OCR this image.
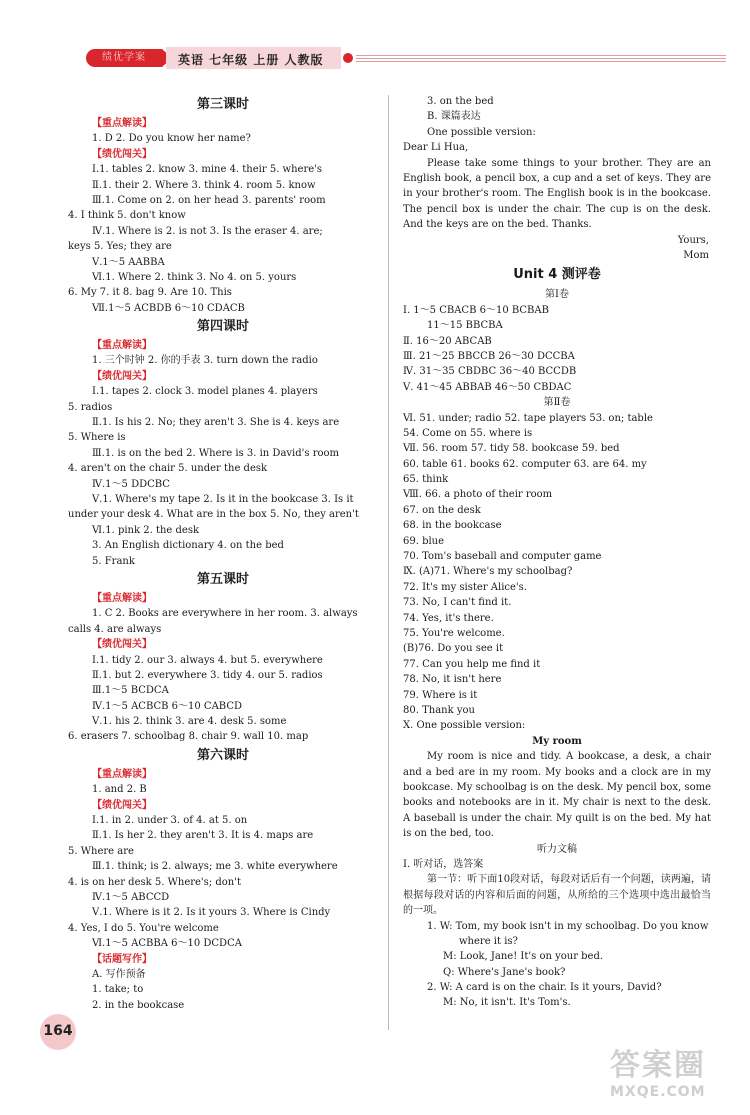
绩优学案	英语 七年级 上册 人教版
第三课时
【重点解读】
1. D 2. Do you know her name?
【绩优闯关】
Ⅰ.1. tables 2. know 3. mine 4. their 5. where's
Ⅱ.1. their 2. Where 3. think 4. room 5. know
Ⅲ.1. Come on 2. on her head 3. parents' room
4. I think 5. don't know
Ⅳ.1. Where is 2. is not 3. Is the eraser 4. are;
keys 5. Yes; they are
Ⅴ.1～5 AABBA
Ⅵ.1. Where 2. think 3. No 4. on 5. yours
6. My 7. it 8. bag 9. Are 10. This
Ⅶ.1～5 ACBDB 6～10 CDACB
第四课时
【重点解读】
1. 三个时钟 2. 你的手表 3. turn down the radio
【绩优闯关】
Ⅰ.1. tapes 2. clock 3. model planes 4. players
5. radios
Ⅱ.1. Is his 2. No; they aren't 3. She is 4. keys are
5. Where is
Ⅲ.1. is on the bed 2. Where is 3. in David's room
4. aren't on the chair 5. under the desk
Ⅳ.1～5 DDCBC
Ⅴ.1. Where's my tape 2. Is it in the bookcase 3. Is it
under your desk 4. What are in the box 5. No, they aren't
Ⅵ.1. pink 2. the desk
3. An English dictionary 4. on the bed
5. Frank
第五课时
【重点解读】
1. C 2. Books are everywhere in her room. 3. always
calls 4. are always
【绩优闯关】
Ⅰ.1. tidy 2. our 3. always 4. but 5. everywhere
Ⅱ.1. but 2. everywhere 3. tidy 4. our 5. radios
Ⅲ.1～5 BCDCA
Ⅳ.1～5 ACBCB 6～10 CABCD
Ⅴ.1. his 2. think 3. are 4. desk 5. some
6. erasers 7. schoolbag 8. chair 9. wall 10. map
第六课时
【重点解读】
1. and 2. B
【绩优闯关】
Ⅰ.1. in 2. under 3. of 4. at 5. on
Ⅱ.1. Is her 2. they aren't 3. It is 4. maps are
5. Where are
Ⅲ.1. think; is 2. always; me 3. white everywhere
4. is on her desk 5. Where's; don't
Ⅳ.1～5 ABCCD
Ⅴ.1. Where is it 2. Is it yours 3. Where is Cindy
4. Yes, I do 5. You're welcome
Ⅵ.1～5 ACBBA 6～10 DCDCA
【话题写作】
A. 写作预备
1. take; to
2. in the bookcase
3. on the bed
B. 课篇表达
One possible version:
Dear Li Hua,
Please take some things to your brother. They are an English book, a pencil box, a cup and a set of keys. They are in your brother's room. The English book is in the bookcase. The pencil box is under the chair. The cup is on the desk. And the keys are on the bed. Thanks.
Yours,
Mom
Unit 4 测评卷
第Ⅰ卷
Ⅰ. 1～5 CBACB 6～10 BCBAB
11～15 BBCBA
Ⅱ. 16～20 ABCAB
Ⅲ. 21～25 BBCCB 26～30 DCCBA
Ⅳ. 31～35 CBDBC 36～40 BCCDB
Ⅴ. 41～45 ABBAB 46～50 CBDAC
第Ⅱ卷
Ⅵ. 51. under; radio 52. tape players 53. on; table
54. Come on 55. where is
Ⅶ. 56. room 57. tidy 58. bookcase 59. bed
60. table 61. books 62. computer 63. are 64. my
65. think
Ⅷ. 66. a photo of their room
67. on the desk
68. in the bookcase
69. blue
70. Tom's baseball and computer game
Ⅸ. (A)71. Where's my schoolbag?
72. It's my sister Alice's.
73. No, I can't find it.
74. Yes, it's there.
75. You're welcome.
(B)76. Do you see it
77. Can you help me find it
78. No, it isn't here
79. Where is it
80. Thank you
Ⅹ. One possible version:
My room
My room is nice and tidy. A bookcase, a desk, a chair and a bed are in my room. My books and a clock are in my bookcase. My schoolbag is on the desk. My pencil box, some books and notebooks are in it. My chair is next to the desk. A baseball is under the chair. My quilt is on the bed. My hat is on the bed, too.
听力文稿
Ⅰ. 听对话，选答案
第一节：听下面10段对话，每段对话后有一个问题，读两遍，请根据每段对话的内容和后面的问题，从所给的三个选项中选出最恰当的一项。
1. W: Tom, my book isn't in my schoolbag. Do you know
where it is?
M: Look, Jane! It's on your bed.
Q: Where's Jane's book?
2. W: A card is on the chair. Is it yours, David?
M: No, it isn't. It's Tom's.
164
答案圈
MXQE.COM
